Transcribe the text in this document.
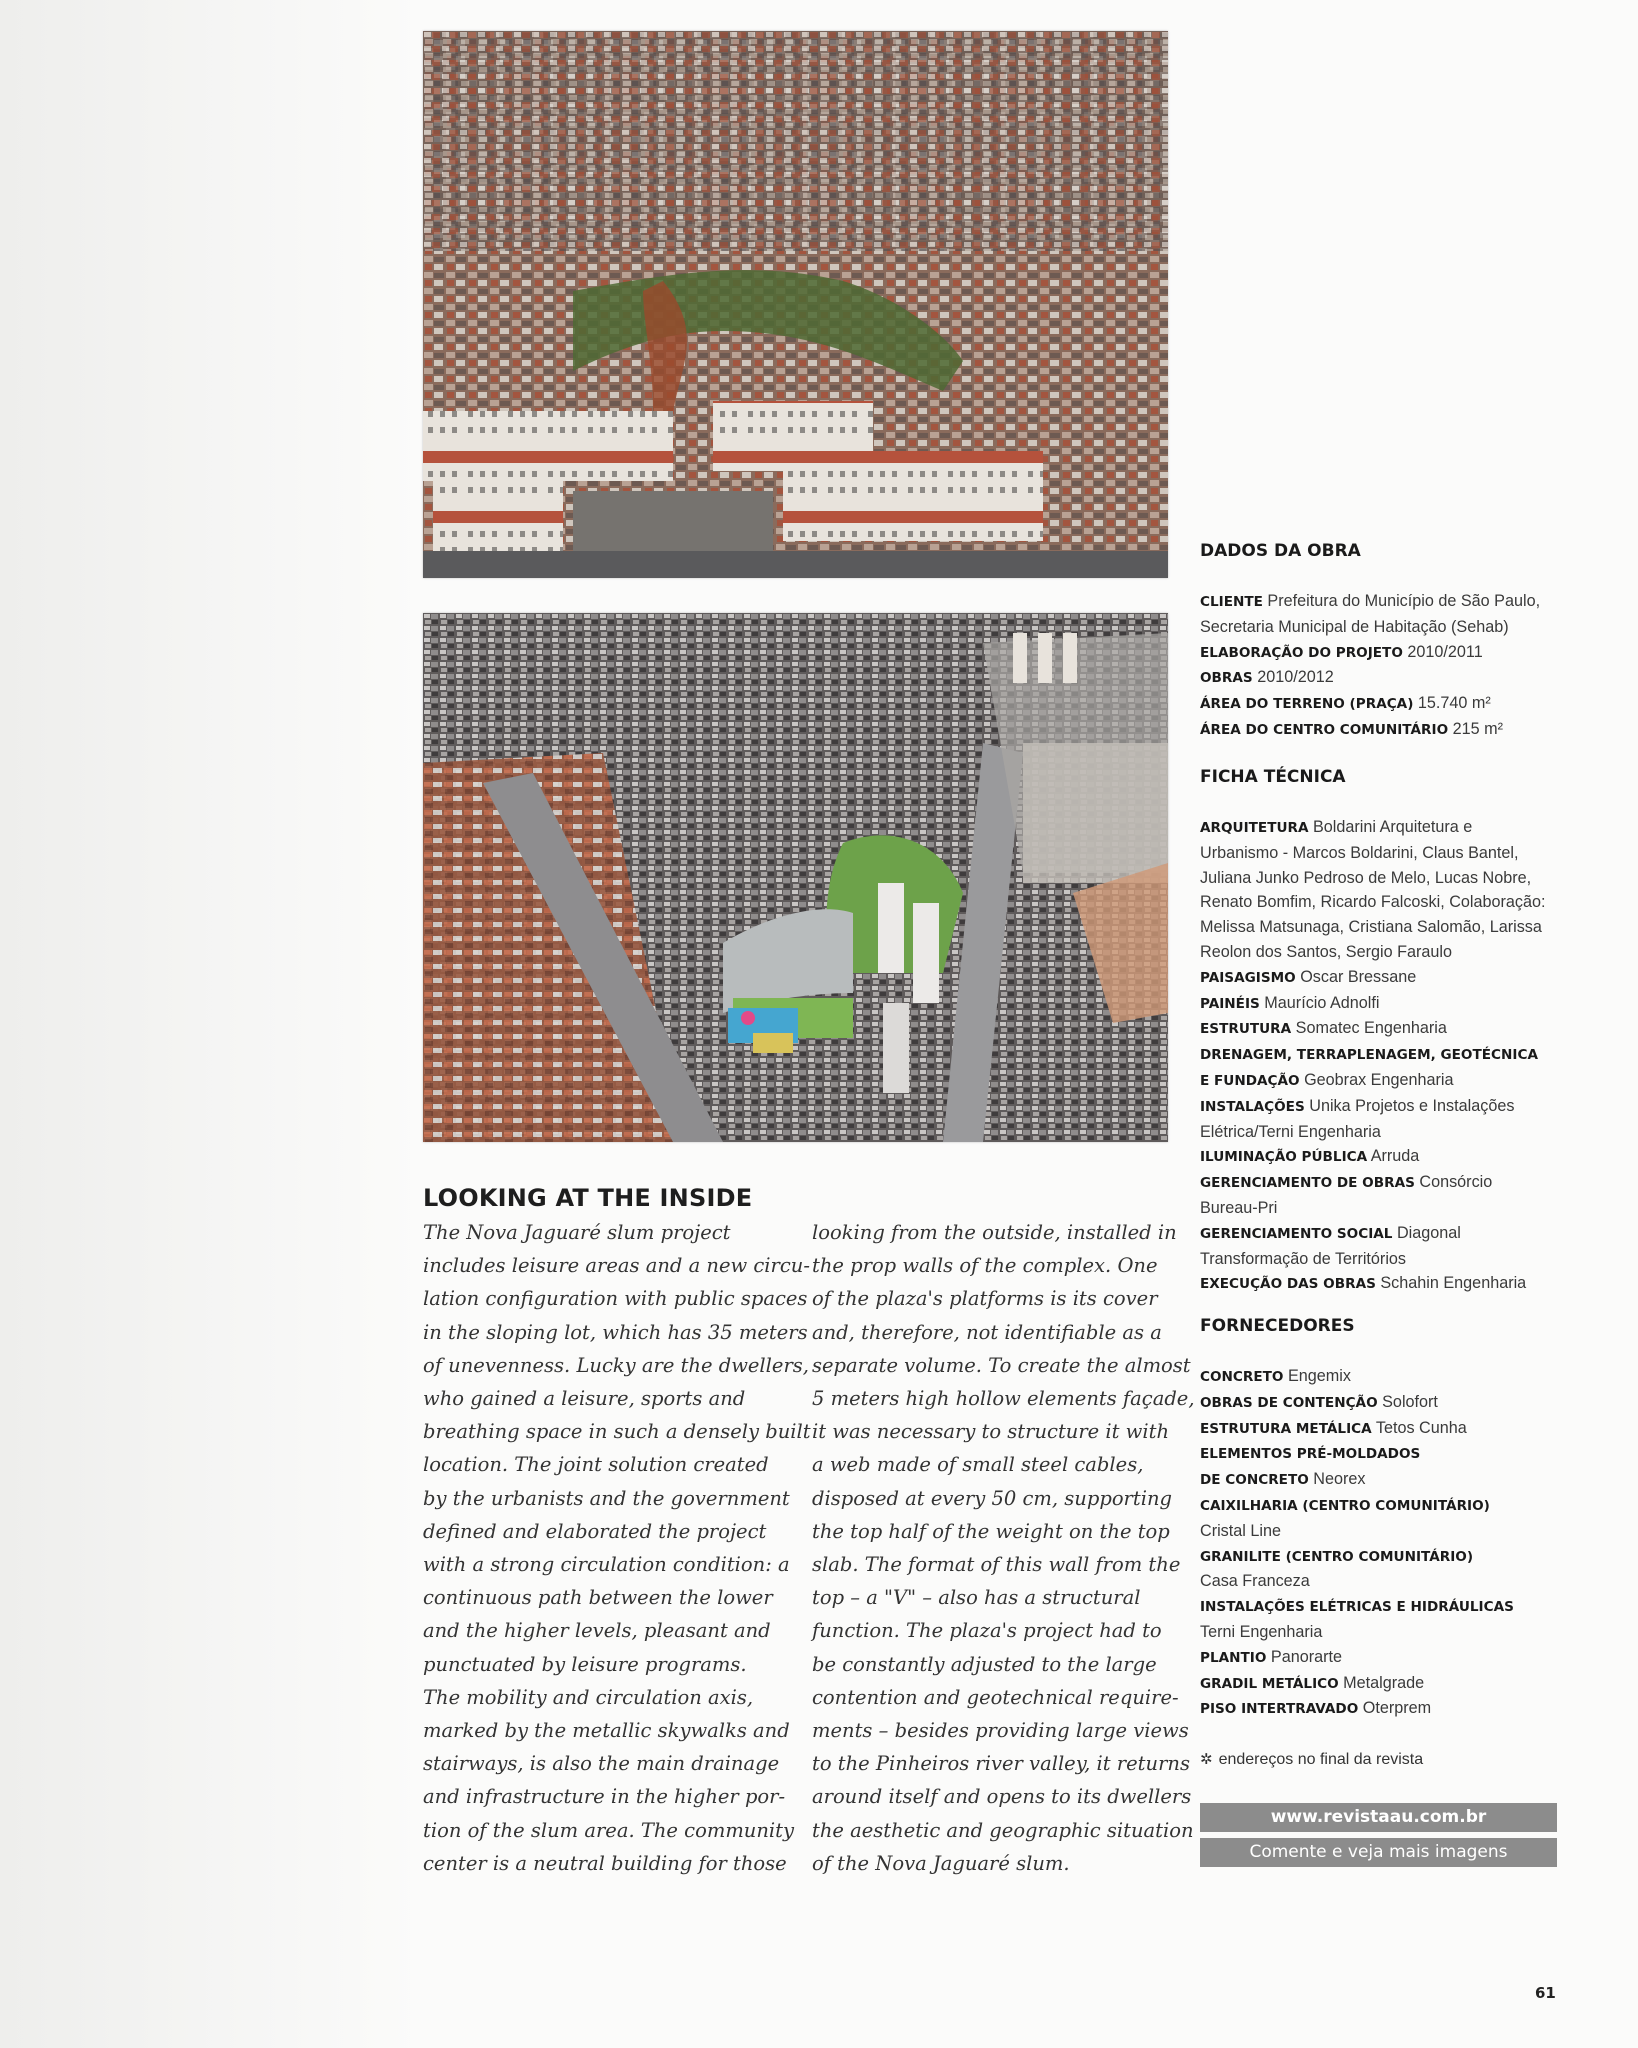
LOOKING AT THE INSIDE
The Nova Jaguaré slum project
includes leisure areas and a new circu-
lation configuration with public spaces
in the sloping lot, which has 35 meters
of unevenness. Lucky are the dwellers,
who gained a leisure, sports and
breathing space in such a densely built
location. The joint solution created
by the urbanists and the government
defined and elaborated the project
with a strong circulation condition: a
continuous path between the lower
and the higher levels, pleasant and
punctuated by leisure programs.
The mobility and circulation axis,
marked by the metallic skywalks and
stairways, is also the main drainage
and infrastructure in the higher por-
tion of the slum area. The community
center is a neutral building for those
looking from the outside, installed in
the prop walls of the complex. One
of the plaza's platforms is its cover
and, therefore, not identifiable as a
separate volume. To create the almost
5 meters high hollow elements façade,
it was necessary to structure it with
a web made of small steel cables,
disposed at every 50 cm, supporting
the top half of the weight on the top
slab. The format of this wall from the
top – a "V" – also has a structural
function. The plaza's project had to
be constantly adjusted to the large
contention and geotechnical require-
ments – besides providing large views
to the Pinheiros river valley, it returns
around itself and opens to its dwellers
the aesthetic and geographic situation
of the Nova Jaguaré slum.
DADOS DA OBRA
CLIENTE Prefeitura do Município de São Paulo,
Secretaria Municipal de Habitação (Sehab)
ELABORAÇÃO DO PROJETO 2010/2011
OBRAS 2010/2012
ÁREA DO TERRENO (PRAÇA) 15.740 m²
ÁREA DO CENTRO COMUNITÁRIO 215 m²
FICHA TÉCNICA
ARQUITETURA Boldarini Arquitetura e
Urbanismo - Marcos Boldarini, Claus Bantel,
Juliana Junko Pedroso de Melo, Lucas Nobre,
Renato Bomfim, Ricardo Falcoski, Colaboração:
Melissa Matsunaga, Cristiana Salomão, Larissa
Reolon dos Santos, Sergio Faraulo
PAISAGISMO Oscar Bressane
PAINÉIS Maurício Adnolfi
ESTRUTURA Somatec Engenharia
DRENAGEM, TERRAPLENAGEM, GEOTÉCNICA
E FUNDAÇÃO Geobrax Engenharia
INSTALAÇÕES Unika Projetos e Instalações
Elétrica/Terni Engenharia
ILUMINAÇÃO PÚBLICA Arruda
GERENCIAMENTO DE OBRAS Consórcio
Bureau-Pri
GERENCIAMENTO SOCIAL Diagonal
Transformação de Territórios
EXECUÇÃO DAS OBRAS Schahin Engenharia
FORNECEDORES
CONCRETO Engemix
OBRAS DE CONTENÇÃO Solofort
ESTRUTURA METÁLICA Tetos Cunha
ELEMENTOS PRÉ-MOLDADOS
DE CONCRETO Neorex
CAIXILHARIA (CENTRO COMUNITÁRIO)
Cristal Line
GRANILITE (CENTRO COMUNITÁRIO)
Casa Franceza
INSTALAÇÕES ELÉTRICAS E HIDRÁULICAS
Terni Engenharia
PLANTIO Panorarte
GRADIL METÁLICO Metalgrade
PISO INTERTRAVADO Oterprem
✲ endereços no final da revista
www.revistaau.com.br
Comente e veja mais imagens
61
